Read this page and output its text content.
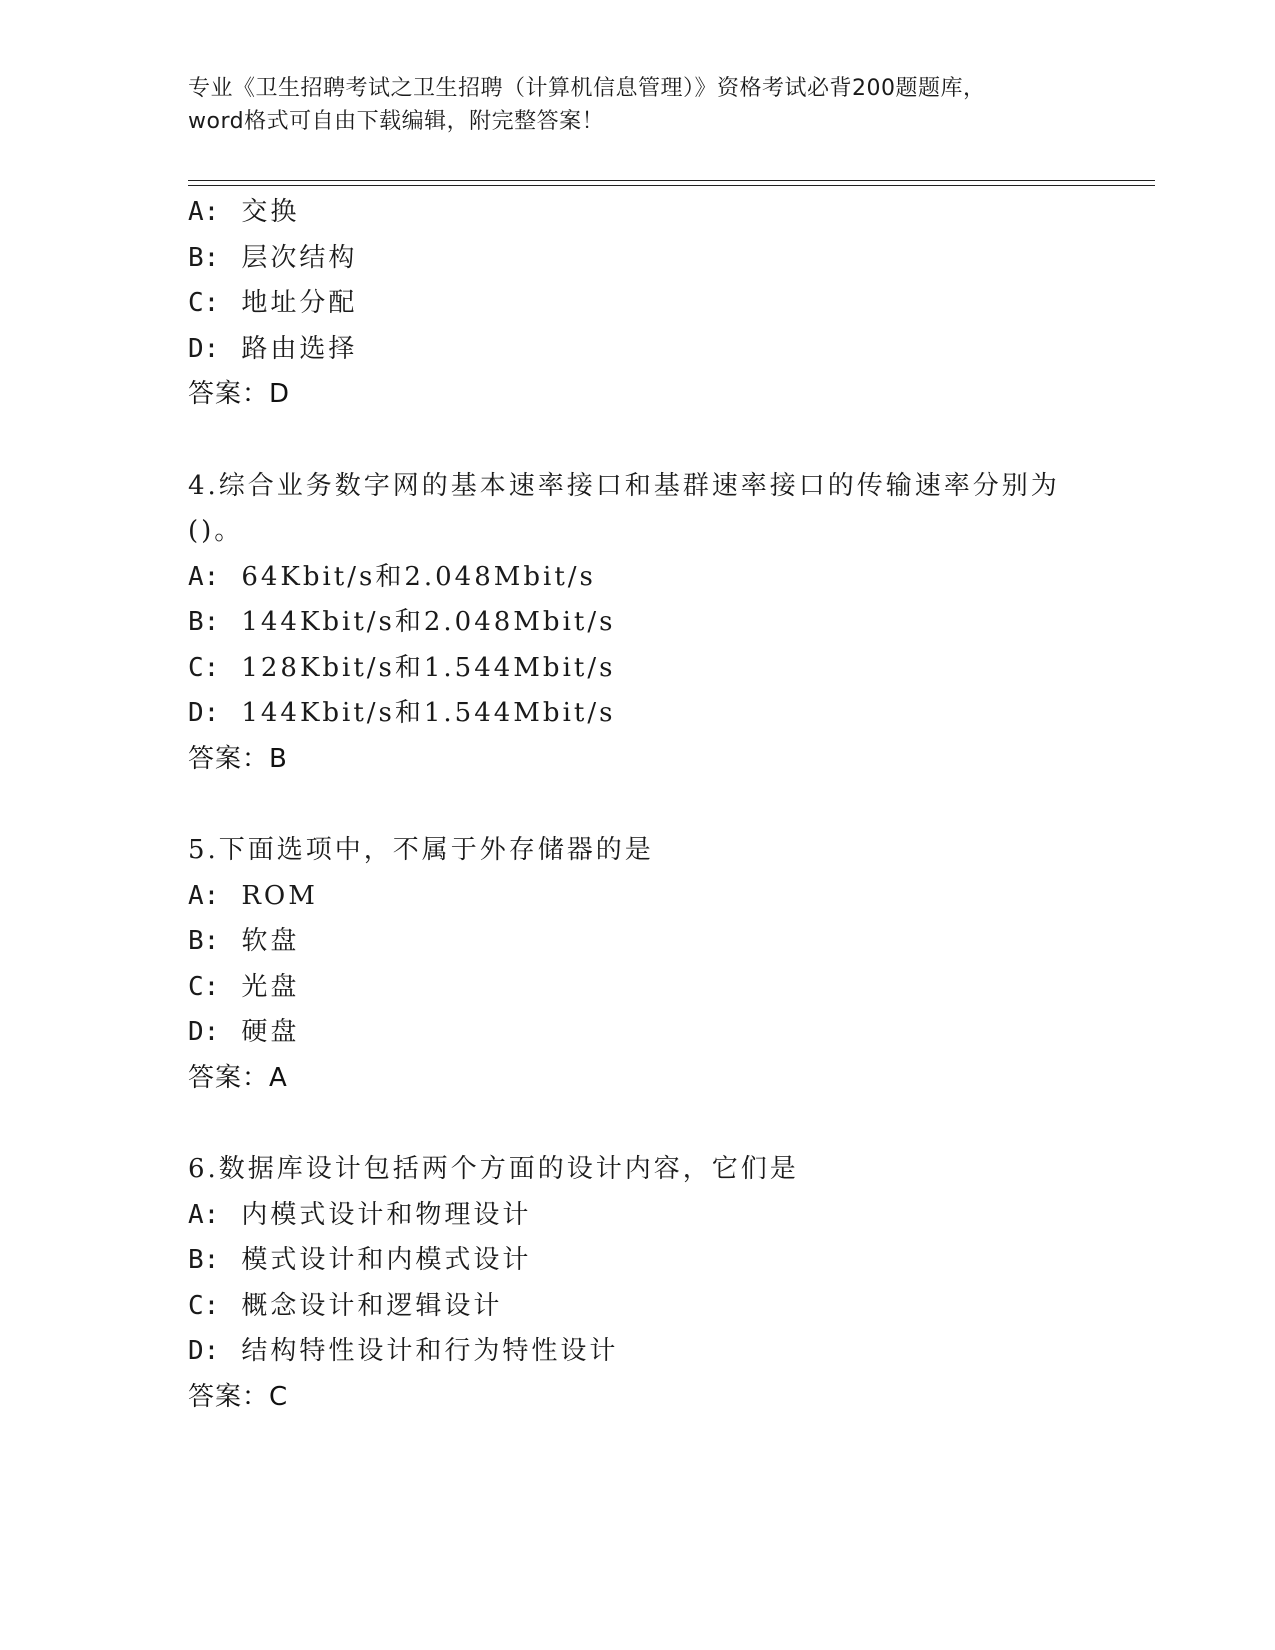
专业《卫生招聘考试之卫生招聘（计算机信息管理）》资格考试必背200题题库，
word格式可自由下载编辑，附完整答案！
A: 交换
B: 层次结构
C: 地址分配
D: 路由选择
答案：D
4.综合业务数字网的基本速率接口和基群速率接口的传输速率分别为()。
A: 64Kbit/s和2.048Mbit/s
B: 144Kbit/s和2.048Mbit/s
C: 128Kbit/s和1.544Mbit/s
D: 144Kbit/s和1.544Mbit/s
答案：B
5.下面选项中，不属于外存储器的是
A: ROM
B: 软盘
C: 光盘
D: 硬盘
答案：A
6.数据库设计包括两个方面的设计内容，它们是
A: 内模式设计和物理设计
B: 模式设计和内模式设计
C: 概念设计和逻辑设计
D: 结构特性设计和行为特性设计
答案：C
